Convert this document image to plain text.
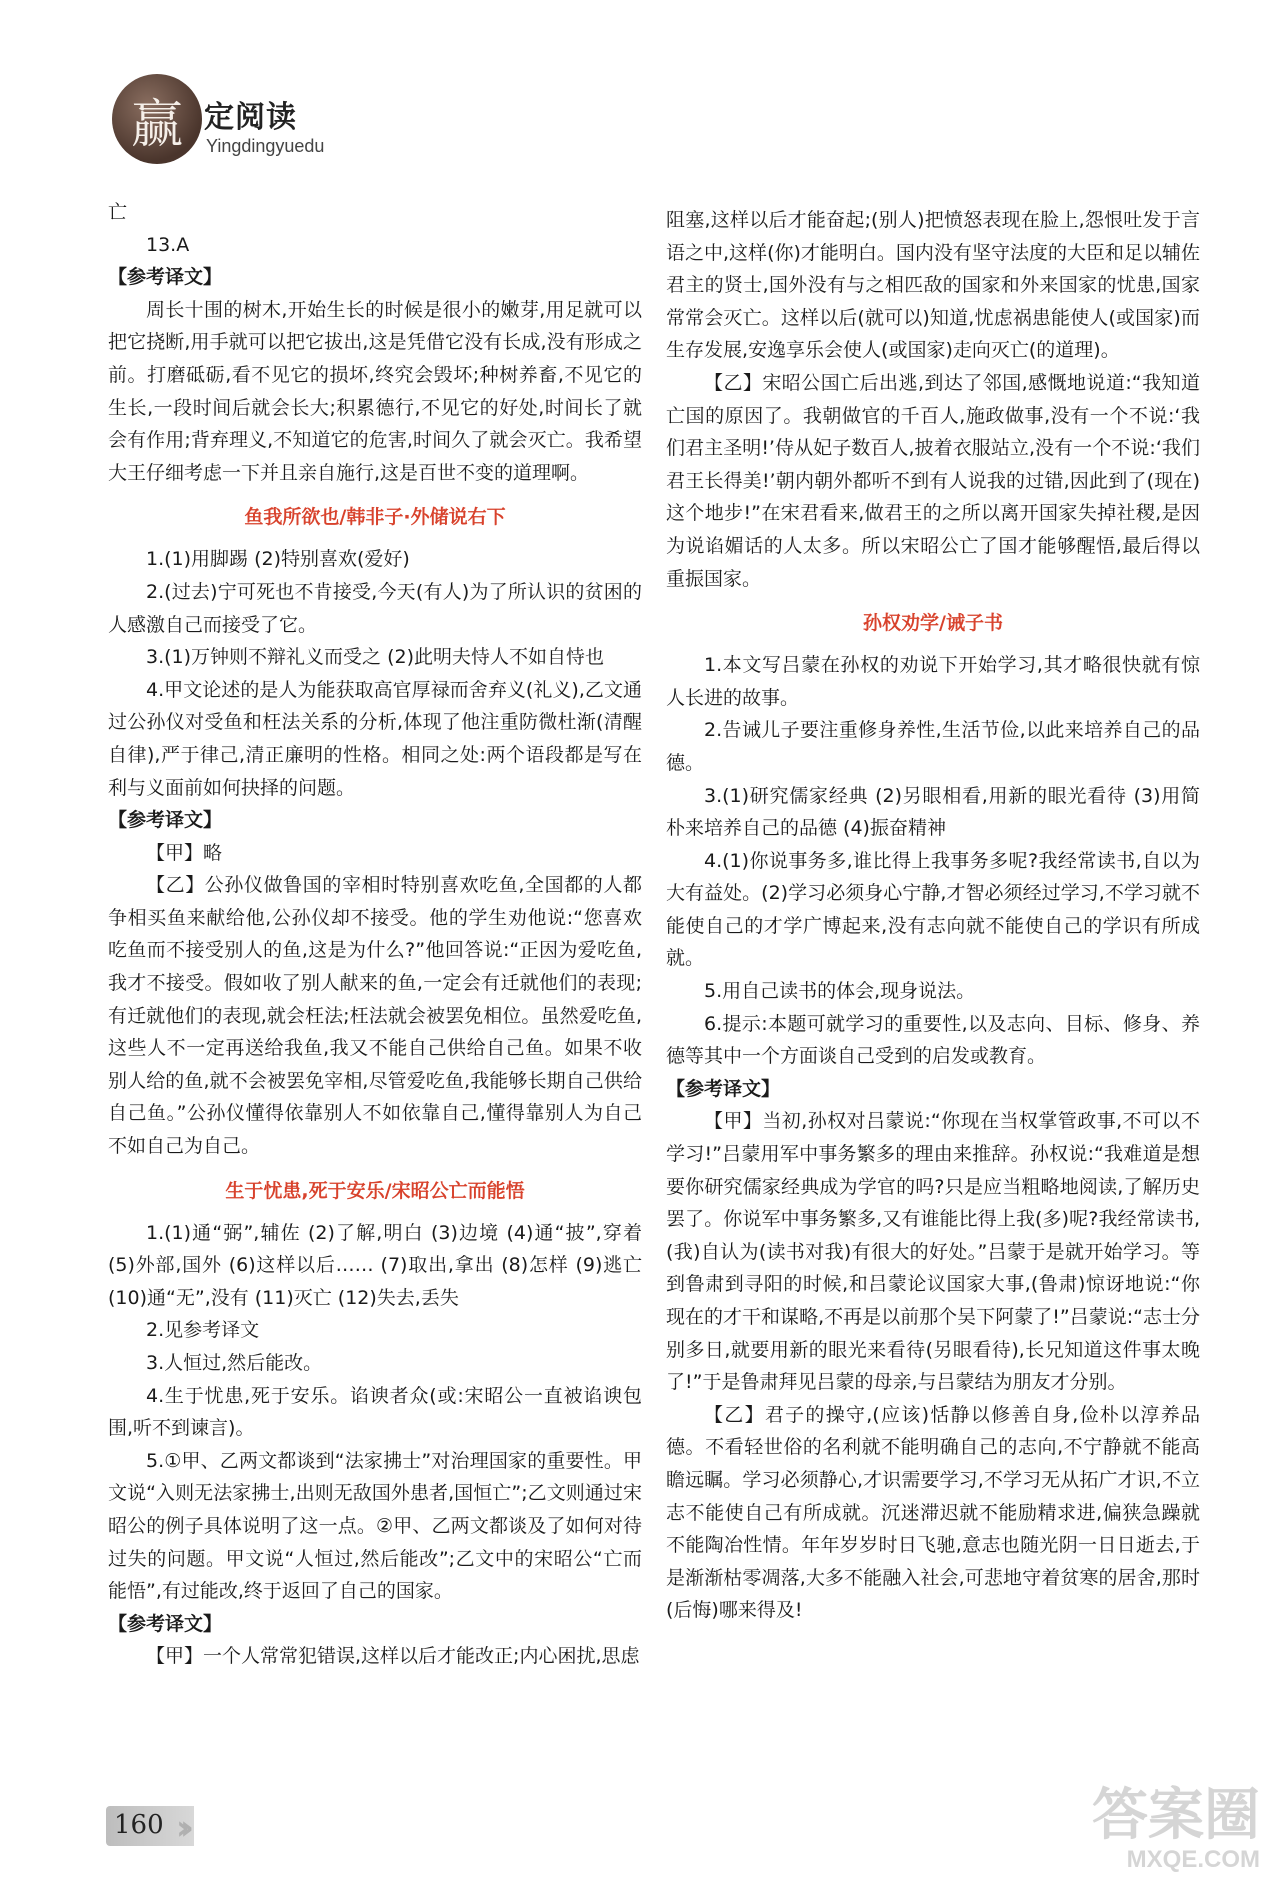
赢 定阅读
Yingdingyuedu

亡

13.A

【参考译文】

周长十围的树木,开始生长的时候是很小的嫩芽,用足就可以把它挠断,用手就可以把它拔出,这是凭借它没有长成,没有形成之前。打磨砥砺,看不见它的损坏,终究会毁坏;种树养畜,不见它的生长,一段时间后就会长大;积累德行,不见它的好处,时间长了就会有作用;背弃理义,不知道它的危害,时间久了就会灭亡。我希望大王仔细考虑一下并且亲自施行,这是百世不变的道理啊。

鱼我所欲也/韩非子·外储说右下

1.(1)用脚踢 (2)特别喜欢(爱好)

2.(过去)宁可死也不肯接受,今天(有人)为了所认识的贫困的人感激自己而接受了它。

3.(1)万钟则不辩礼义而受之 (2)此明夫恃人不如自恃也

4.甲文论述的是人为能获取高官厚禄而舍弃义(礼义),乙文通过公孙仪对受鱼和枉法关系的分析,体现了他注重防微杜渐(清醒自律),严于律己,清正廉明的性格。相同之处:两个语段都是写在利与义面前如何抉择的问题。

【参考译文】

【甲】略

【乙】公孙仪做鲁国的宰相时特别喜欢吃鱼,全国都的人都争相买鱼来献给他,公孙仪却不接受。他的学生劝他说:“您喜欢吃鱼而不接受别人的鱼,这是为什么?”他回答说:“正因为爱吃鱼,我才不接受。假如收了别人献来的鱼,一定会有迁就他们的表现;有迁就他们的表现,就会枉法;枉法就会被罢免相位。虽然爱吃鱼,这些人不一定再送给我鱼,我又不能自己供给自己鱼。如果不收别人给的鱼,就不会被罢免宰相,尽管爱吃鱼,我能够长期自己供给自己鱼。”公孙仪懂得依靠别人不如依靠自己,懂得靠别人为自己不如自己为自己。

生于忧患,死于安乐/宋昭公亡而能悟

1.(1)通“弼”,辅佐 (2)了解,明白 (3)边境 (4)通“披”,穿着 (5)外部,国外 (6)这样以后…… (7)取出,拿出 (8)怎样 (9)逃亡 (10)通“无”,没有 (11)灭亡 (12)失去,丢失

2.见参考译文

3.人恒过,然后能改。

4.生于忧患,死于安乐。谄谀者众(或:宋昭公一直被谄谀包围,听不到谏言)。

5.①甲、乙两文都谈到“法家拂士”对治理国家的重要性。甲文说“入则无法家拂士,出则无敌国外患者,国恒亡”;乙文则通过宋昭公的例子具体说明了这一点。②甲、乙两文都谈及了如何对待过失的问题。甲文说“人恒过,然后能改”;乙文中的宋昭公“亡而能悟”,有过能改,终于返回了自己的国家。

【参考译文】

【甲】一个人常常犯错误,这样以后才能改正;内心困扰,思虑

阻塞,这样以后才能奋起;(别人)把愤怒表现在脸上,怨恨吐发于言语之中,这样(你)才能明白。国内没有坚守法度的大臣和足以辅佐君主的贤士,国外没有与之相匹敌的国家和外来国家的忧患,国家常常会灭亡。这样以后(就可以)知道,忧虑祸患能使人(或国家)而生存发展,安逸享乐会使人(或国家)走向灭亡(的道理)。

【乙】宋昭公国亡后出逃,到达了邻国,感慨地说道:“我知道亡国的原因了。我朝做官的千百人,施政做事,没有一个不说:‘我们君主圣明!’侍从妃子数百人,披着衣服站立,没有一个不说:‘我们君王长得美!’朝内朝外都听不到有人说我的过错,因此到了(现在)这个地步!”在宋君看来,做君王的之所以离开国家失掉社稷,是因为说谄媚话的人太多。所以宋昭公亡了国才能够醒悟,最后得以重振国家。

孙权劝学/诫子书

1.本文写吕蒙在孙权的劝说下开始学习,其才略很快就有惊人长进的故事。

2.告诫儿子要注重修身养性,生活节俭,以此来培养自己的品德。

3.(1)研究儒家经典 (2)另眼相看,用新的眼光看待 (3)用简朴来培养自己的品德 (4)振奋精神

4.(1)你说事务多,谁比得上我事务多呢?我经常读书,自以为大有益处。(2)学习必须身心宁静,才智必须经过学习,不学习就不能使自己的才学广博起来,没有志向就不能使自己的学识有所成就。

5.用自己读书的体会,现身说法。

6.提示:本题可就学习的重要性,以及志向、目标、修身、养德等其中一个方面谈自己受到的启发或教育。

【参考译文】

【甲】当初,孙权对吕蒙说:“你现在当权掌管政事,不可以不学习!”吕蒙用军中事务繁多的理由来推辞。孙权说:“我难道是想要你研究儒家经典成为学官的吗?只是应当粗略地阅读,了解历史罢了。你说军中事务繁多,又有谁能比得上我(多)呢?我经常读书,(我)自认为(读书对我)有很大的好处。”吕蒙于是就开始学习。等到鲁肃到寻阳的时候,和吕蒙论议国家大事,(鲁肃)惊讶地说:“你现在的才干和谋略,不再是以前那个吴下阿蒙了!”吕蒙说:“志士分别多日,就要用新的眼光来看待(另眼看待),长兄知道这件事太晚了!”于是鲁肃拜见吕蒙的母亲,与吕蒙结为朋友才分别。

【乙】君子的操守,(应该)恬静以修善自身,俭朴以淳养品德。不看轻世俗的名利就不能明确自己的志向,不宁静就不能高瞻远瞩。学习必须静心,才识需要学习,不学习无从拓广才识,不立志不能使自己有所成就。沉迷滞迟就不能励精求进,偏狭急躁就不能陶冶性情。年年岁岁时日飞驰,意志也随光阴一日日逝去,于是渐渐枯零凋落,大多不能融入社会,可悲地守着贫寒的居舍,那时(后悔)哪来得及!

160 ››	答案圈
MXQE.COM
